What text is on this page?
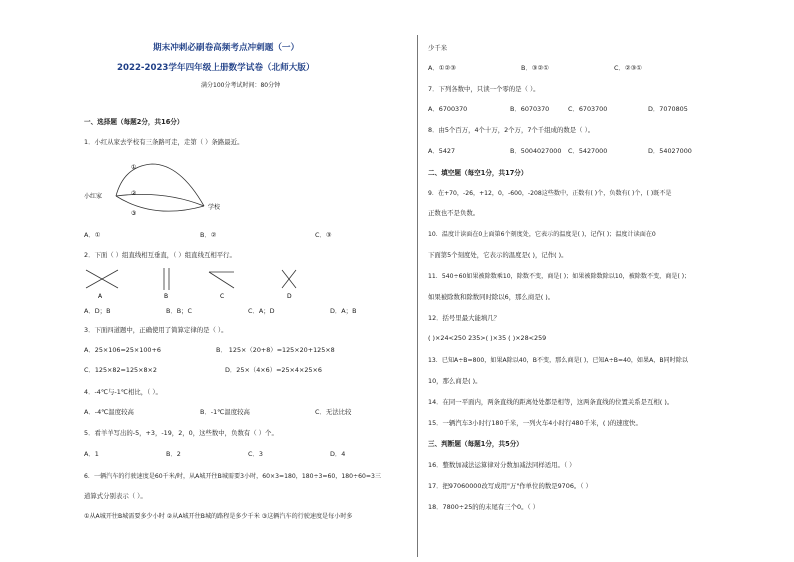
期末冲刺必刷卷高频考点冲刺题（一）
2022-2023学年四年级上册数学试卷（北师大版）
满分100分考试时间：80分钟
一、选择题（每题2分，共16分）
1．小红从家去学校有三条路可走，走第（ ）条路最近。
①
②
③
小红家
学校
A．①	B．②	C．③
2．下面（ ）组直线相互垂直，（ ）组直线互相平行。
A	B	C	D
A．D；B	B．B；C	C．A；D	D．A；B
3．下面四道题中，正确使用了简算定律的是（ ）。
A．25×106=25×100+6	B． 125×（20+8）=125×20+125×8
C．125×82=125×8×2	D．25×（4×6）=25×4×25×6
4．-4℃与-1℃相比，（ ）。
A．-4℃温度较高	B．-1℃温度较高	C．无法比较
5．看羊羊写出的-5，+3，-19，2，0，这些数中，负数有（ ）个。
A．1	B．2	C．3	D．4
6．一辆汽车的行驶速度是60千米/时，从A城开往B城需要3小时，60×3=180，180÷3=60，180÷60=3三
道算式分别表示（ ）。
①从A城开往B城需要多少小时 ②从A城开往B城的路程是多少千米 ③这辆汽车的行驶速度是每小时多
少千米
A．①②③	B．③②①	C．②③①
7．下列各数中，只读一个零的是（ ）。
A．6700370	B．6070370	C．6703700	D．7070805
8．由5个百万，4个十万，2个万，7个千组成的数是（ ）。
A．5427	B．5004027000 C．5427000	D．54027000
二、填空题（每空1分，共17分）
9．在+70，-26，+12，0，-600，-208这些数中，正数有( )个，负数有( )个，( )既不是
正数也不是负数。
10．温度计读面在0上面第6个刻度处，它表示的温度是( )，记作( )；温度计读面在0
下面第5个刻度处，它表示的温度是( )，记作( )。
11．540÷60如果被除数乘10，除数不变，商是( )；如果被除数除以10，被除数不变，商是( )；
如果被除数和除数同时除以6，那么商是( )。
12．括号里最大能填几？
( )×24<250 235>( )×35 ( )×28<259
13．已知A÷B=800，如果A除以40，B不变，那么商是( )，已知A÷B=40，如果A，B同时除以
10，那么商是( )。
14．在同一平面内，两条直线的距离处处都是相等，这两条直线的位置关系是互相( )。
15．一辆汽车3小时行180千米，一列火车4小时行480千米，( )的速度快。
三、判断题（每题1分，共5分）
16．整数加减法运算律对分数加减法同样适用。（ ）
17．把97060000改写成用"万"作单位的数是9706。（ ）
18．7800÷25的的末尾有三个0。（ ）
